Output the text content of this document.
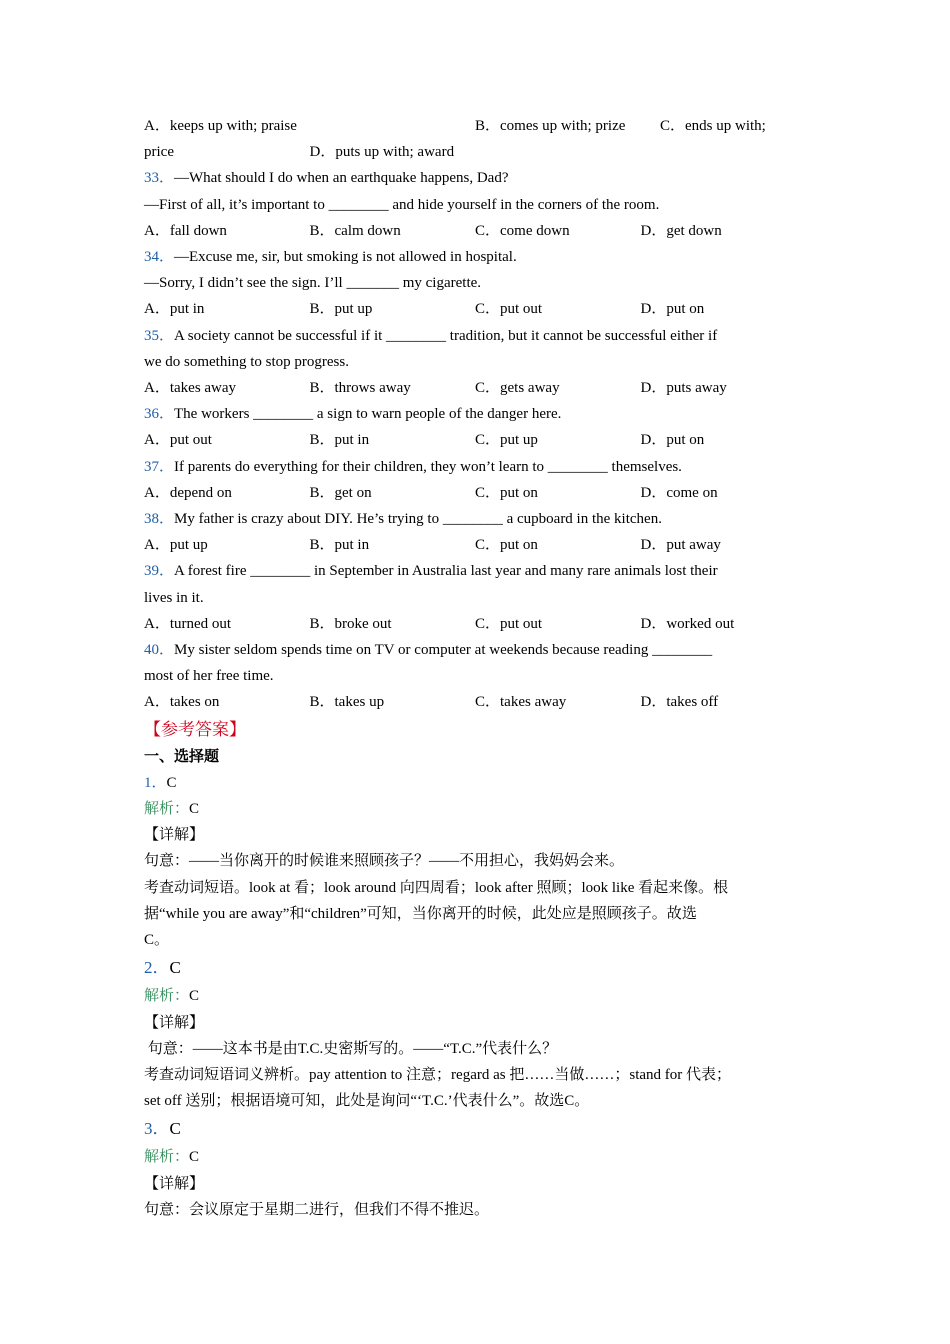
A．keeps up with; praise	B．comes up with; prize C．ends up with;
price	D．puts up with; award
33．—What should I do when an earthquake happens, Dad?
—First of all, it’s important to ________ and hide yourself in the corners of the room.
A．fall down	B．calm down	C．come down	D．get down
34．—Excuse me, sir, but smoking is not allowed in hospital.
—Sorry, I didn’t see the sign. I’ll _______ my cigarette.
A．put in	B．put up	C．put out	D．put on
35．A society cannot be successful if it ________ tradition, but it cannot be successful either if
we do something to stop progress.
A．takes away	B．throws away	C．gets away	D．puts away
36．The workers ________ a sign to warn people of the danger here.
A．put out	B．put in	C．put up	D．put on
37．If parents do everything for their children, they won’t learn to ________ themselves.
A．depend on	B．get on	C．put on	D．come on
38．My father is crazy about DIY. He’s trying to ________ a cupboard in the kitchen.
A．put up	B．put in	C．put on	D．put away
39．A forest fire ________ in September in Australia last year and many rare animals lost their
lives in it.
A．turned out	B．broke out	C．put out	D．worked out
40．My sister seldom spends time on TV or computer at weekends because reading ________
most of her free time.
A．takes on	B．takes up	C．takes away	D．takes off
【参考答案】
一、选择题
1．C
解析：C
【详解】
句意：——当你离开的时候谁来照顾孩子？——不用担心，我妈妈会来。
考查动词短语。look at 看；look around 向四周看；look after 照顾；look like 看起来像。根
据“while you are away”和“children”可知，当你离开的时候，此处应是照顾孩子。故选
C。
2．C
解析：C
【详解】
句意：——这本书是由T.C.史密斯写的。——“T.C.”代表什么？
考查动词短语词义辨析。pay attention to 注意；regard as 把……当做……；stand for 代表；
set off 送别；根据语境可知，此处是询问“‘T.C.’代表什么”。故选C。
3．C
解析：C
【详解】
句意：会议原定于星期二进行，但我们不得不推迟。
